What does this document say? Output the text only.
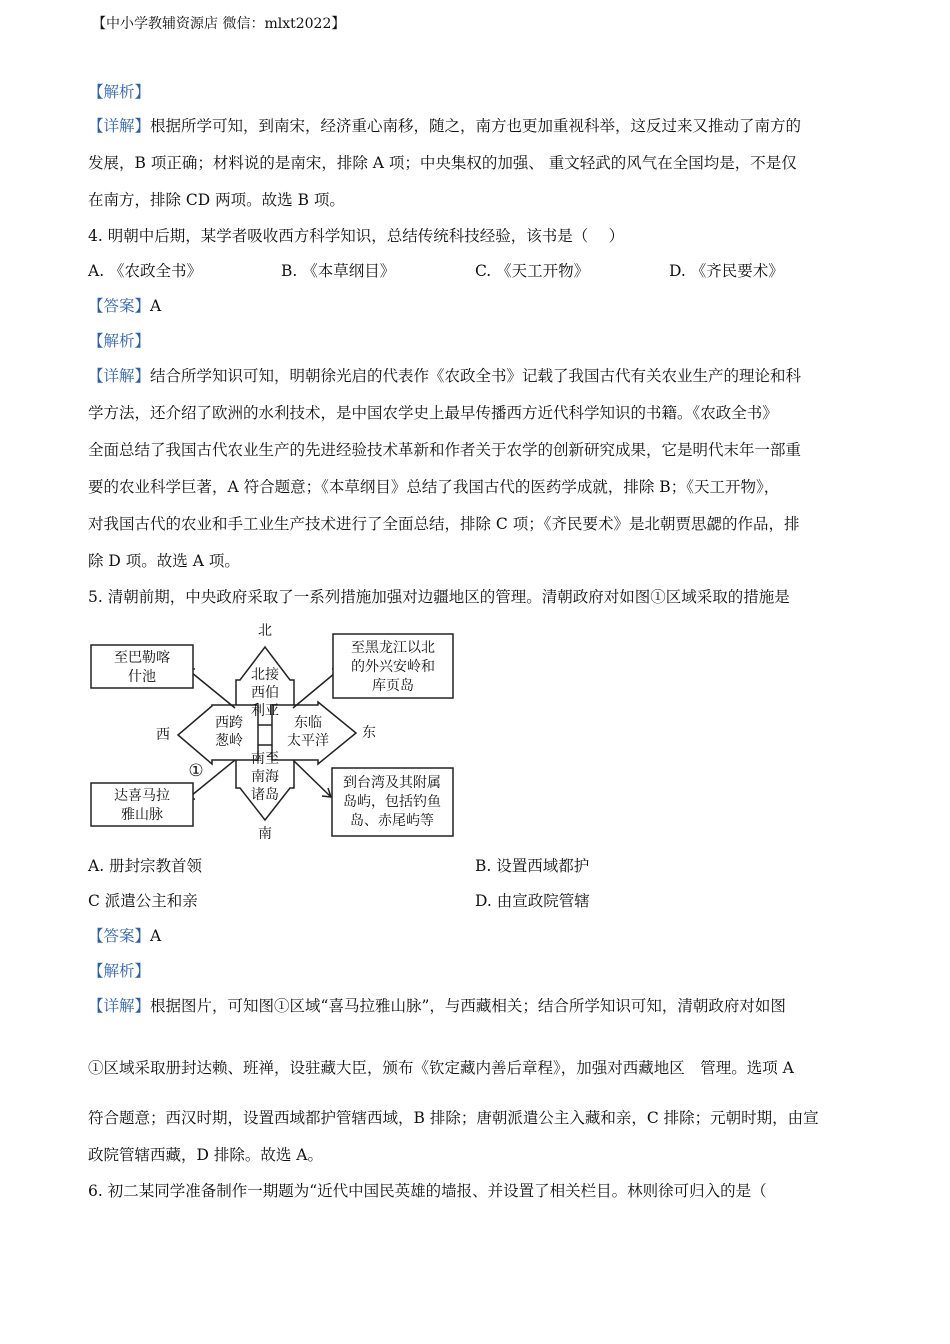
【中小学教辅资源店 微信：mlxt2022】
【解析】
【详解】根据所学可知，到南宋，经济重心南移，随之，南方也更加重视科举，这反过来又推动了南方的
发展，B 项正确；材料说的是南宋，排除 A 项；中央集权的加强、 重文轻武的风气在全国均是，不是仅
在南方，排除 CD 两项。故选 B 项。
4. 明朝中后期，某学者吸收西方科学知识，总结传统科技经验，该书是（　 ）
A. 《农政全书》	B. 《本草纲目》	C. 《天工开物》	D. 《齐民要术》
【答案】A
【解析】
【详解】结合所学知识可知，明朝徐光启的代表作《农政全书》记载了我国古代有关农业生产的理论和科
学方法，还介绍了欧洲的水利技术，是中国农学史上最早传播西方近代科学知识的书籍。《农政全书》
全面总结了我国古代农业生产的先进经验技术革新和作者关于农学的创新研究成果，它是明代末年一部重
要的农业科学巨著，A 符合题意；《本草纲目》总结了我国古代的医药学成就，排除 B；《天工开物》，
对我国古代的农业和手工业生产技术进行了全面总结，排除 C 项；《齐民要术》是北朝贾思勰的作品，排
除 D 项。故选 A 项。
5. 清朝前期，中央政府采取了一系列措施加强对边疆地区的管理。清朝政府对如图①区域采取的措施是
北
南
西	东
北接
西伯
利亚
西跨
葱岭
东临
太平洋
南至
南海
诸岛
至巴勒喀
什池
至黑龙江以北
的外兴安岭和
库页岛
达喜马拉
雅山脉
到台湾及其附属
岛屿，包括钓鱼
岛、赤尾屿等
①
A. 册封宗教首领	B. 设置西域都护
C 派遣公主和亲	D. 由宣政院管辖
【答案】A
【解析】
【详解】根据图片，可知图①区域“喜马拉雅山脉”，与西藏相关；结合所学知识可知，清朝政府对如图
①区域采取册封达赖、班禅，设驻藏大臣，颁布《钦定藏内善后章程》，加强对西藏地区　管理。选项 A
符合题意；西汉时期，设置西域都护管辖西域，B 排除；唐朝派遣公主入藏和亲，C 排除；元朝时期，由宣
政院管辖西藏，D 排除。故选 A。
6. 初二某同学准备制作一期题为“近代中国民英雄的墙报、并设置了相关栏目。林则徐可归入的是（
